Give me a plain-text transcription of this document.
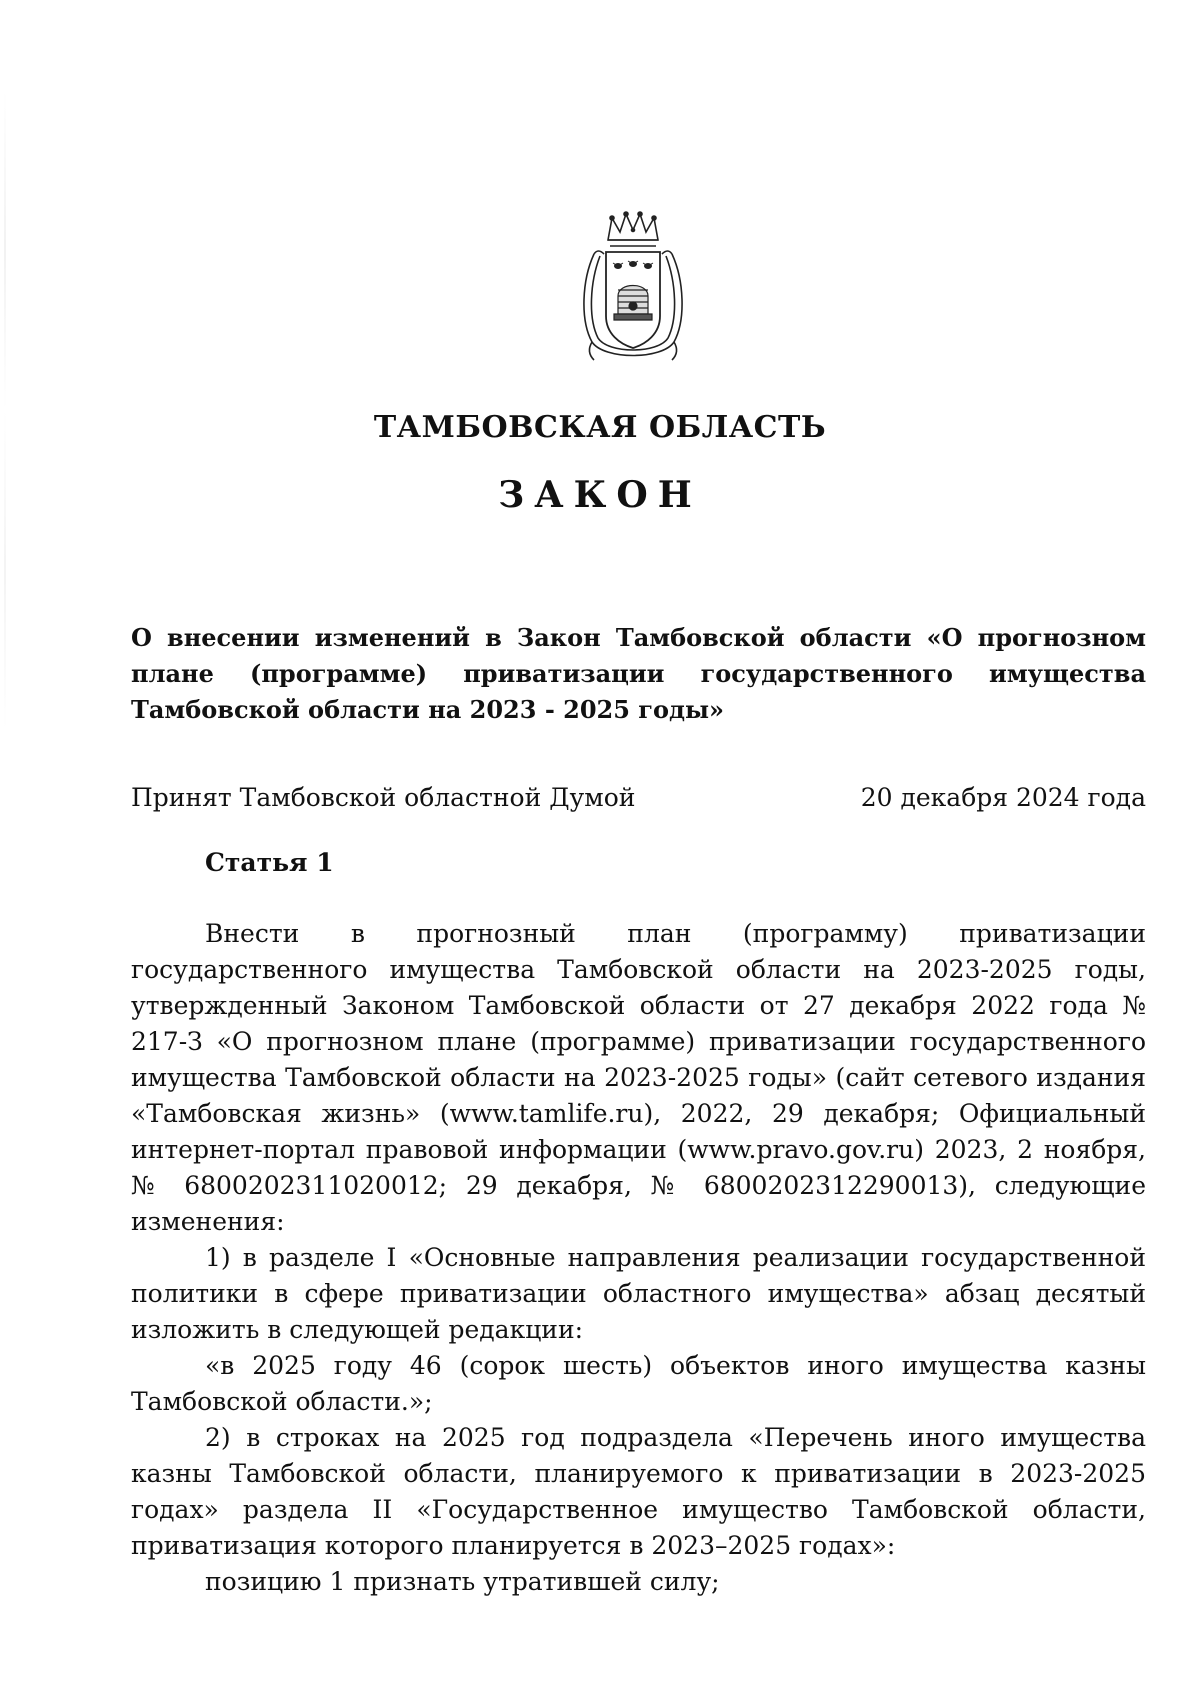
ТАМБОВСКАЯ ОБЛАСТЬ
ЗАКОН
О внесении изменений в Закон Тамбовской области «О прогнозном плане (программе) приватизации государственного имущества Тамбовской области на 2023 - 2025 годы»
Принят Тамбовской областной Думой	20 декабря 2024 года
Статья 1

Внести в прогнозный план (программу) приватизации государственного имущества Тамбовской области на 2023-2025 годы, утвержденный Законом Тамбовской области от 27 декабря 2022 года № 217-З «О прогнозном плане (программе) приватизации государственного имущества Тамбовской области на 2023-2025 годы» (сайт сетевого издания «Тамбовская жизнь» (www.tamlife.ru), 2022, 29 декабря; Официальный интернет-портал правовой информации (www.pravo.gov.ru) 2023, 2 ноября, № 6800202311020012; 29 декабря, № 6800202312290013), следующие изменения:

1) в разделе I «Основные направления реализации государственной политики в сфере приватизации областного имущества» абзац десятый изложить в следующей редакции:

«в 2025 году 46 (сорок шесть) объектов иного имущества казны Тамбовской области.»;

2) в строках на 2025 год подраздела «Перечень иного имущества казны Тамбовской области, планируемого к приватизации в 2023-2025 годах» раздела II «Государственное имущество Тамбовской области, приватизация которого планируется в 2023–2025 годах»:

позицию 1 признать утратившей силу;
